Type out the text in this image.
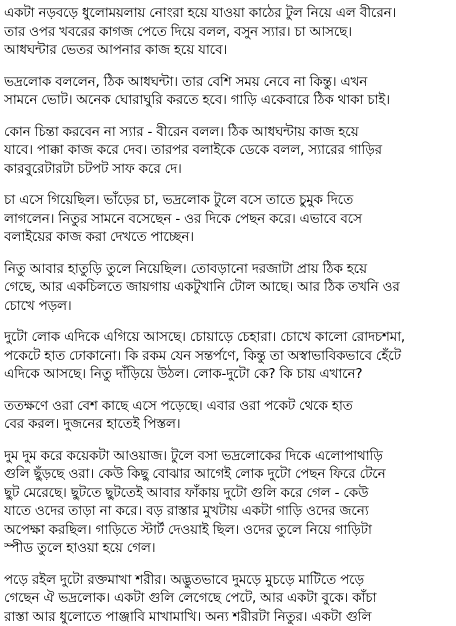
একটা নড়বড়ে ধুলোময়লায় নোংরা হয়ে যাওয়া কাঠের টুল নিয়ে এল বীরেন।
তার ওপর খবরের কাগজ পেতে দিয়ে বলল, বসুন স্যার। চা আসছে।
আধঘন্টার ভেতর আপনার কাজ হয়ে যাবে।
ভদ্রলোক বললেন, ঠিক আধঘন্টা। তার বেশি সময় নেবে না কিন্তু। এখন
সামনে ভোট। অনেক ঘোরাঘুরি করতে হবে। গাড়ি একেবারে ঠিক থাকা চাই।
কোন চিন্তা করবেন না স্যার - বীরেন বলল। ঠিক আধঘন্টায় কাজ হয়ে
যাবে। পাক্কা কাজ করে দেব। তারপর বলাইকে ডেকে বলল, স্যারের গাড়ির
কারবুরেটারটা চটপট সাফ করে দে।
চা এসে গিয়েছিল। ভাঁড়ের চা, ভদ্রলোক টুলে বসে তাতে চুমুক দিতে
লাগলেন। নিতুর সামনে বসেছেন - ওর দিকে পেছন করে। এভাবে বসে
বলাইয়ের কাজ করা দেখতে পাচ্ছেন।
নিতু আবার হাতুড়ি তুলে নিয়েছিল। তোবড়ানো দরজাটা প্রায় ঠিক হয়ে
গেছে, আর একচিলতে জায়গায় একটুখানি টোল আছে। আর ঠিক তখনি ওর
চোখে পড়ল।
দুটো লোক এদিকে এগিয়ে আসছে। চোয়াড়ে চেহারা। চোখে কালো রোদচশমা,
পকেটে হাত ঢোকানো। কি রকম যেন সন্তর্পণে, কিন্তু তা অস্বাভাবিকভাবে হেঁটে
এদিকে আসছে। নিতু দাঁড়িয়ে উঠল। লোক-দুটো কে? কি চায় এখানে?
ততক্ষণে ওরা বেশ কাছে এসে পড়েছে। এবার ওরা পকেট থেকে হাত
বের করল। দুজনের হাতেই পিস্তল।
দুম দুম করে কয়েকটা আওয়াজ। টুলে বসা ভদ্রলোকের দিকে এলোপাথাড়ি
গুলি ছুঁড়ছে ওরা। কেউ কিছু বোঝার আগেই লোক দুটো পেছন ফিরে টেনে
ছুট মেরেছে। ছুটতে ছুটতেই আবার ফাঁকায় দুটো গুলি করে গেল - কেউ
যাতে ওদের তাড়া না করে। বড় রাস্তার মুখটায় একটা গাড়ি ওদের জন্যে
অপেক্ষা করছিল। গাড়িতে স্টার্ট দেওয়াই ছিল। ওদের তুলে নিয়ে গাড়িটা
স্পীড তুলে হাওয়া হয়ে গেল।
পড়ে রইল দুটো রক্তমাখা শরীর। অদ্ভুতভাবে দুমড়ে মুচড়ে মাটিতে পড়ে
গেছেন ঐ ভদ্রলোক। একটা গুলি লেগেছে পেটে, আর একটা বুকে। কাঁচা
রাস্তা আর ধুলোতে পাঞ্জাবি মাখামাখি। অন্য শরীরটা নিতুর। একটা গুলি
